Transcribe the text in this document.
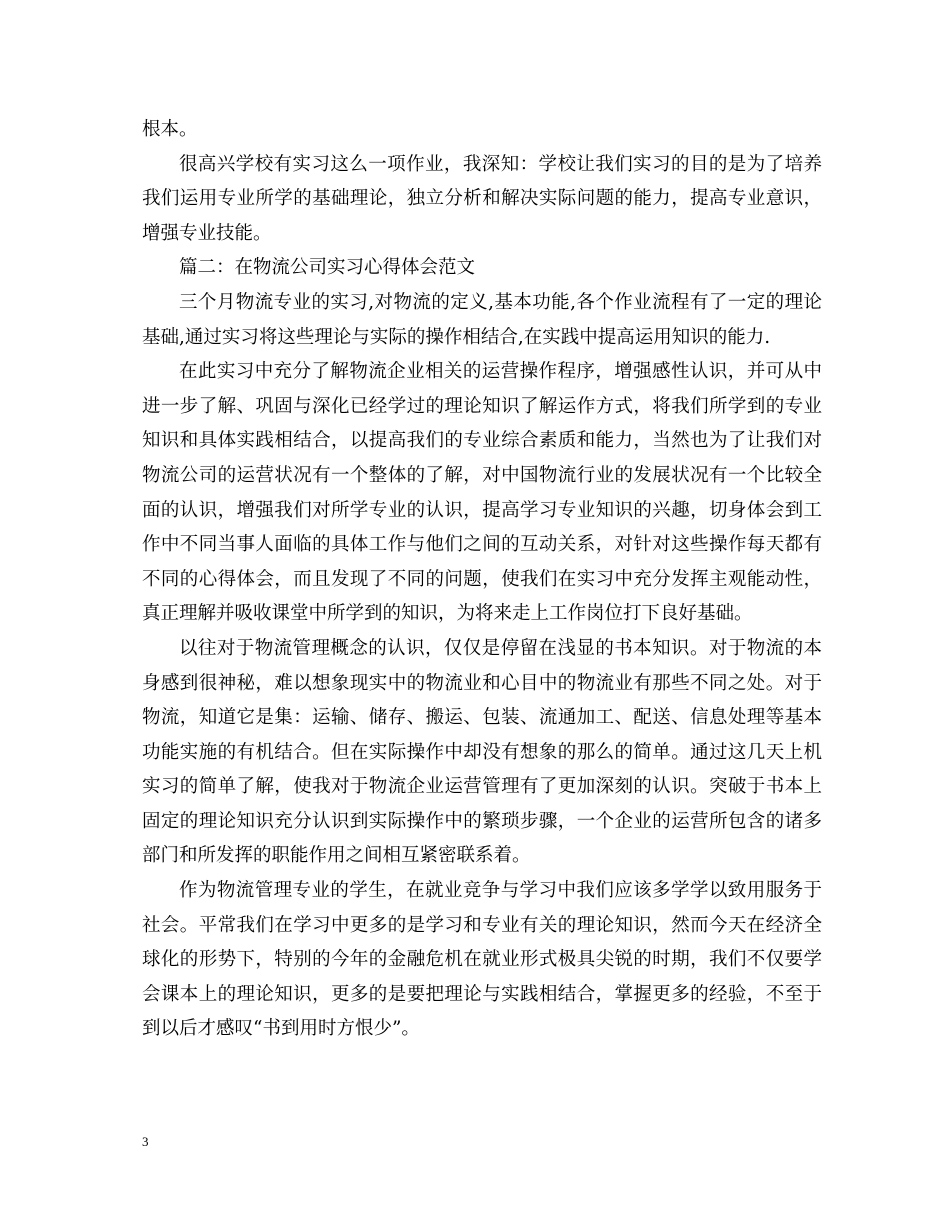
根本。

很高兴学校有实习这么一项作业，我深知：学校让我们实习的目的是为了培养我们运用专业所学的基础理论，独立分析和解决实际问题的能力，提高专业意识，增强专业技能。

篇二：在物流公司实习心得体会范文

三个月物流专业的实习,对物流的定义,基本功能,各个作业流程有了一定的理论基础,通过实习将这些理论与实际的操作相结合,在实践中提高运用知识的能力.

在此实习中充分了解物流企业相关的运营操作程序，增强感性认识，并可从中进一步了解、巩固与深化已经学过的理论知识了解运作方式，将我们所学到的专业知识和具体实践相结合，以提高我们的专业综合素质和能力，当然也为了让我们对物流公司的运营状况有一个整体的了解，对中国物流行业的发展状况有一个比较全面的认识，增强我们对所学专业的认识，提高学习专业知识的兴趣，切身体会到工作中不同当事人面临的具体工作与他们之间的互动关系，对针对这些操作每天都有不同的心得体会，而且发现了不同的问题，使我们在实习中充分发挥主观能动性，真正理解并吸收课堂中所学到的知识，为将来走上工作岗位打下良好基础。

以往对于物流管理概念的认识，仅仅是停留在浅显的书本知识。对于物流的本身感到很神秘，难以想象现实中的物流业和心目中的物流业有那些不同之处。对于物流，知道它是集：运输、储存、搬运、包装、流通加工、配送、信息处理等基本功能实施的有机结合。但在实际操作中却没有想象的那么的简单。通过这几天上机实习的简单了解，使我对于物流企业运营管理有了更加深刻的认识。突破于书本上固定的理论知识充分认识到实际操作中的繁琐步骤，一个企业的运营所包含的诸多部门和所发挥的职能作用之间相互紧密联系着。

作为物流管理专业的学生，在就业竞争与学习中我们应该多学学以致用服务于社会。平常我们在学习中更多的是学习和专业有关的理论知识，然而今天在经济全球化的形势下，特别的今年的金融危机在就业形式极具尖锐的时期，我们不仅要学会课本上的理论知识，更多的是要把理论与实践相结合，掌握更多的经验，不至于到以后才感叹“书到用时方恨少”。

3
